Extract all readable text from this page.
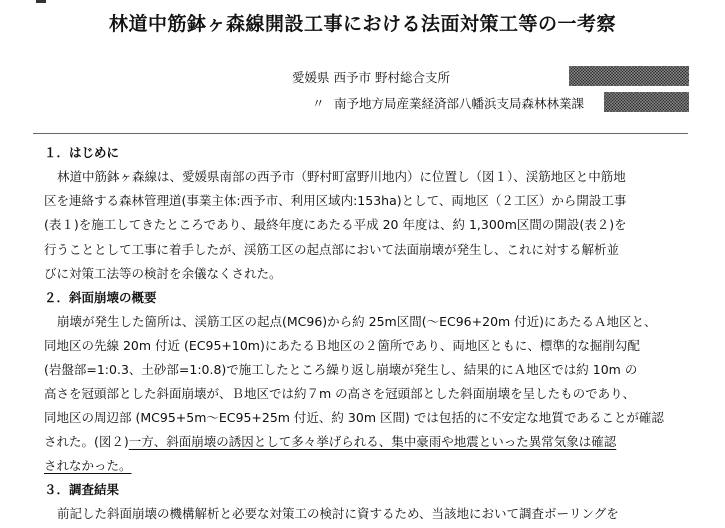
林道中筋鉢ヶ森線開設工事における法面対策工等の一考察
愛媛県 西予市 野村総合支所
〃 南予地方局産業経済部八幡浜支局森林林業課
１．はじめに
林道中筋鉢ヶ森線は、愛媛県南部の西予市（野村町富野川地内）に位置し（図１）、渓筋地区と中筋地
区を連絡する森林管理道(事業主体:西予市、利用区域内:153ha)として、両地区（２工区）から開設工事
(表１)を施工してきたところであり、最終年度にあたる平成 20 年度は、約 1,300m区間の開設(表２)を
行うこととして工事に着手したが、渓筋工区の起点部において法面崩壊が発生し、これに対する解析並
びに対策工法等の検討を余儀なくされた。
２．斜面崩壊の概要
崩壊が発生した箇所は、渓筋工区の起点(MC96)から約 25m区間(～EC96+20m 付近)にあたるＡ地区と、
同地区の先線 20m 付近 (EC95+10m)にあたるＢ地区の２箇所であり、両地区ともに、標準的な掘削勾配
(岩盤部=1:0.3、土砂部=1:0.8)で施工したところ繰り返し崩壊が発生し、結果的にＡ地区では約 10m の
高さを冠頭部とした斜面崩壊が、Ｂ地区では約７m の高さを冠頭部とした斜面崩壊を呈したものであり、
同地区の周辺部 (MC95+5m～EC95+25m 付近、約 30m 区間) では包括的に不安定な地質であることが確認
された。(図２)一方、斜面崩壊の誘因として多々挙げられる、集中豪雨や地震といった異常気象は確認
されなかった。
３．調査結果
前記した斜面崩壊の機構解析と必要な対策工の検討に資するため、当該地において調査ボーリングを
